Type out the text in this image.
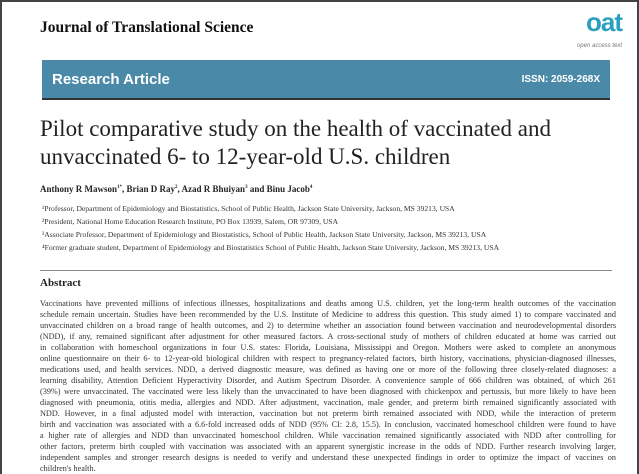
Journal of Translational Science	oat
open access text
Research Article	ISSN: 2059-268X
Pilot comparative study on the health of vaccinated and
unvaccinated 6- to 12-year-old U.S. children
Anthony R Mawson$^{1*}$, Brian D Ray$^2$, Azad R Bhuiyan$^3$ and Binu Jacob$^4$
¹Professor, Department of Epidemiology and Biostatistics, School of Public Health, Jackson State University, Jackson, MS 39213, USA
²President, National Home Education Research Institute, PO Box 13939, Salem, OR 97309, USA
³Associate Professor, Department of Epidemiology and Biostatistics, School of Public Health, Jackson State University, Jackson, MS 39213, USA
⁴Former graduate student, Department of Epidemiology and Biostatistics School of Public Health, Jackson State University, Jackson, MS 39213, USA
Abstract
Vaccinations have prevented millions of infectious illnesses, hospitalizations and deaths among U.S. children, yet the long-term health outcomes of the vaccination
schedule remain uncertain. Studies have been recommended by the U.S. Institute of Medicine to address this question. This study aimed 1) to compare vaccinated and
unvaccinated children on a broad range of health outcomes, and 2) to determine whether an association found between vaccination and neurodevelopmental disorders
(NDD), if any, remained significant after adjustment for other measured factors. A cross-sectional study of mothers of children educated at home was carried out
in collaboration with homeschool organizations in four U.S. states: Florida, Louisiana, Mississippi and Oregon. Mothers were asked to complete an anonymous
online questionnaire on their 6- to 12-year-old biological children with respect to pregnancy-related factors, birth history, vaccinations, physician-diagnosed illnesses,
medications used, and health services. NDD, a derived diagnostic measure, was defined as having one or more of the following three closely-related diagnoses: a
learning disability, Attention Deficient Hyperactivity Disorder, and Autism Spectrum Disorder. A convenience sample of 666 children was obtained, of which 261
(39%) were unvaccinated. The vaccinated were less likely than the unvaccinated to have been diagnosed with chickenpox and pertussis, but more likely to have been
diagnosed with pneumonia, otitis media, allergies and NDD. After adjustment, vaccination, male gender, and preterm birth remained significantly associated with
NDD. However, in a final adjusted model with interaction, vaccination but not preterm birth remained associated with NDD, while the interaction of preterm
birth and vaccination was associated with a 6.6-fold increased odds of NDD (95% CI: 2.8, 15.5). In conclusion, vaccinated homeschool children were found to have
a higher rate of allergies and NDD than unvaccinated homeschool children. While vaccination remained significantly associated with NDD after controlling for
other factors, preterm birth coupled with vaccination was associated with an apparent synergistic increase in the odds of NDD. Further research involving larger,
independent samples and stronger research designs is needed to verify and understand these unexpected findings in order to optimize the impact of vaccines on
children's health.
